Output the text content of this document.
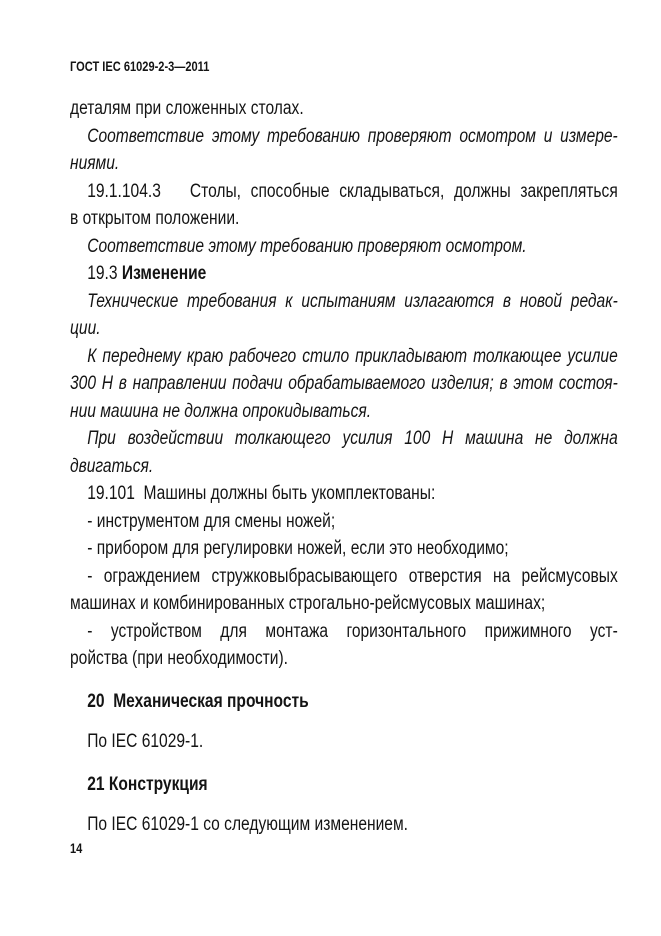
ГОСТ IEC 61029-2-3—2011
деталям при сложенных столах.
Соответствие этому требованию проверяют осмотром и измере-
ниями.
19.1.104.3   Столы, способные складываться, должны закрепляться
в открытом положении.
Соответствие этому требованию проверяют осмотром.
19.3 Изменение
Технические требования к испытаниям излагаются в новой редак-
ции.
К переднему краю рабочего стило прикладывают толкающее усилие
300 Н в направлении подачи обрабатываемого изделия; в этом состоя-
нии машина не должна опрокидываться.
При воздействии толкающего усилия 100 Н машина не должна
двигаться.
19.101  Машины должны быть укомплектованы:
- инструментом для смены ножей;
- прибором для регулировки ножей, если это необходимо;
- ограждением стружковыбрасывающего отверстия на рейсмусовых
машинах и комбинированных строгально-рейсмусовых машинах;
- устройством для монтажа горизонтального прижимного уст-
ройства (при необходимости).
20  Механическая прочность
По IEC 61029-1.
21 Конструкция
По IEC 61029-1 со следующим изменением.
14
